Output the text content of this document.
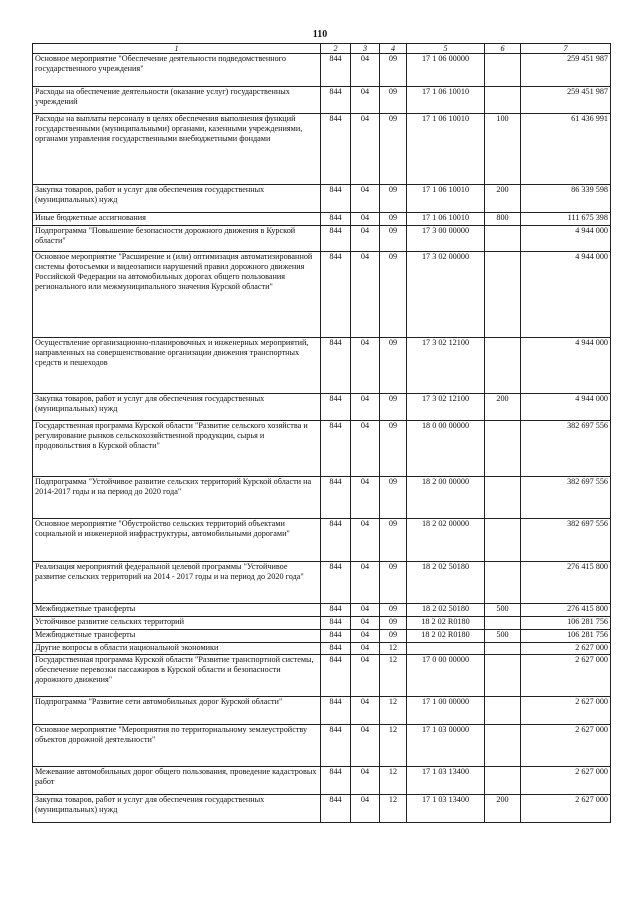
110
1	2	3	4	5	6	7
Основное мероприятие "Обеспечение деятельности подведомственного государственного учреждения"	844	04	09	17 1 06 00000		259 451 987
Расходы на обеспечение деятельности (оказание услуг) государственных учреждений	844	04	09	17 1 06 10010		259 451 987
Расходы на выплаты персоналу в целях обеспечения выполнения функций государственными (муниципальными) органами, казенными учреждениями, органами управления государственными внебюджетными фондами	844	04	09	17 1 06 10010	100	61 436 991
Закупка товаров, работ и услуг для обеспечения государственных (муниципальных) нужд	844	04	09	17 1 06 10010	200	86 339 598
Иные бюджетные ассигнования	844	04	09	17 1 06 10010	800	111 675 398
Подпрограмма "Повышение безопасности дорожного движения в Курской области"	844	04	09	17 3 00 00000		4 944 000
Основное мероприятие "Расширение и (или) оптимизация автоматизированной системы фотосъемки и видеозаписи нарушений правил дорожного движения Российской Федерации на автомобильных дорогах общего пользования регионального или межмуниципального значения Курской области"	844	04	09	17 3 02 00000		4 944 000
Осуществление организационно-планировочных и инженерных мероприятий, направленных на совершенствование организации движения транспортных средств и пешеходов	844	04	09	17 3 02 12100		4 944 000
Закупка товаров, работ и услуг для обеспечения государственных (муниципальных) нужд	844	04	09	17 3 02 12100	200	4 944 000
Государственная программа Курской области "Развитие сельского хозяйства и регулирование рынков сельскохозяйственной продукции, сырья и продовольствия в Курской области"	844	04	09	18 0 00 00000		382 697 556
Подпрограмма "Устойчивое развитие сельских территорий Курской области на 2014-2017 годы и на период до 2020 года"	844	04	09	18 2 00 00000		382 697 556
Основное мероприятие "Обустройство сельских территорий объектами социальной и инженерной инфраструктуры, автомобильными дорогами"	844	04	09	18 2 02 00000		382 697 556
Реализация мероприятий федеральной целевой программы "Устойчивое развитие сельских территорий на 2014 - 2017 годы и на период до 2020 года"	844	04	09	18 2 02 50180		276 415 800
Межбюджетные трансферты	844	04	09	18 2 02 50180	500	276 415 800
Устойчивое развитие сельских территорий	844	04	09	18 2 02 R0180		106 281 756
Межбюджетные трансферты	844	04	09	18 2 02 R0180	500	106 281 756
Другие вопросы в области национальной экономики	844	04	12			2 627 000
Государственная программа Курской области "Развитие транспортной системы, обеспечение перевозки пассажиров в Курской области и безопасности дорожного движения"	844	04	12	17 0 00 00000		2 627 000
Подпрограмма "Развитие сети автомобильных дорог Курской области"	844	04	12	17 1 00 00000		2 627 000
Основное мероприятие "Мероприятия по территориальному землеустройству объектов дорожной деятельности"	844	04	12	17 1 03 00000		2 627 000
Межевание автомобильных дорог общего пользования, проведение кадастровых работ	844	04	12	17 1 03 13400		2 627 000
Закупка товаров, работ и услуг для обеспечения государственных (муниципальных) нужд	844	04	12	17 1 03 13400	200	2 627 000
